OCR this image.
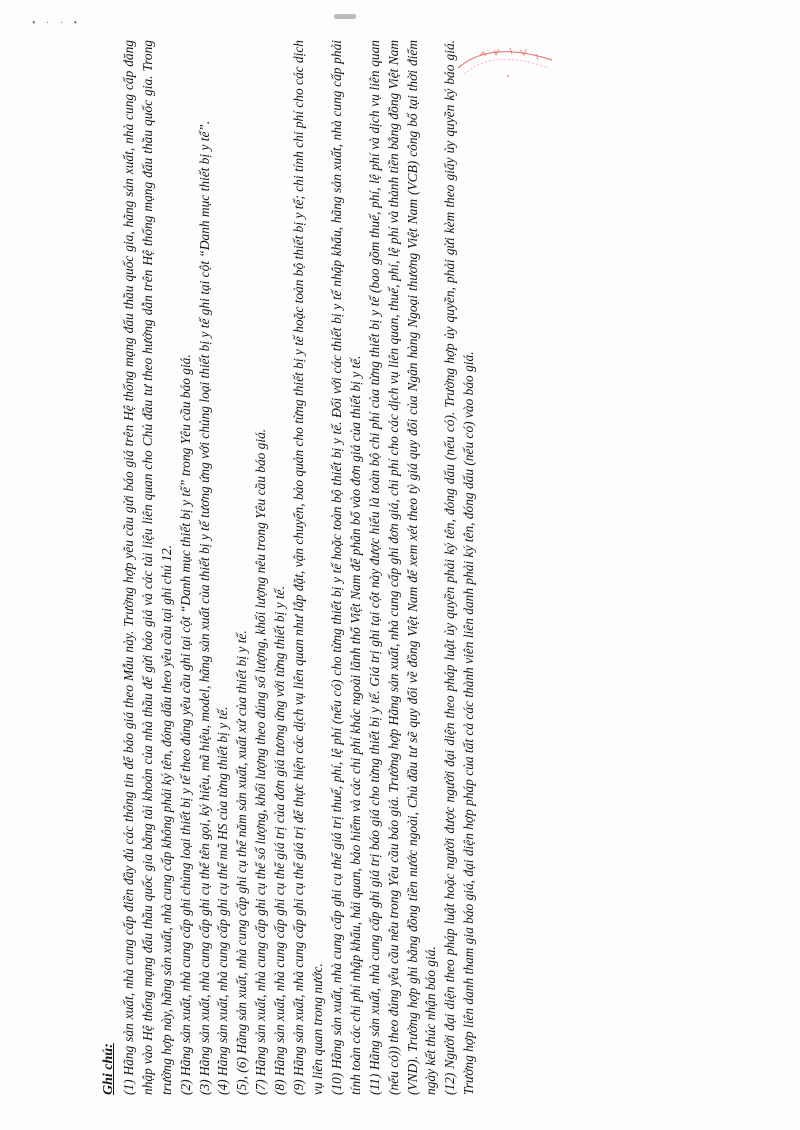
• · · •

Ghi chú: (1) Hãng sản xuất, nhà cung cấp điền đầy đủ các thông tin để báo giá theo Mẫu này. Trường hợp yêu cầu gửi báo giá trên Hệ thống mạng đấu thầu quốc gia, hãng sản xuất, nhà cung cấp đăng nhập vào Hệ thống mạng đấu thầu quốc gia bằng tài khoản của nhà thầu để gửi báo giá và các tài liệu liên quan cho Chủ đầu tư theo hướng dẫn trên Hệ thống mạng đấu thầu quốc gia. Trong trường hợp này, hãng sản xuất, nhà cung cấp không phải ký tên, đóng dấu theo yêu cầu tại ghi chú 12. (2) Hãng sản xuất, nhà cung cấp ghi chủng loại thiết bị y tế theo đúng yêu cầu ghi tại cột “Danh mục thiết bị y tế” trong Yêu cầu báo giá. (3) Hãng sản xuất, nhà cung cấp ghi cụ thể tên gọi, ký hiệu, mã hiệu, model, hãng sản xuất của thiết bị y tế tương ứng với chủng loại thiết bị y tế ghi tại cột “Danh mục thiết bị y tế”. (4) Hãng sản xuất, nhà cung cấp ghi cụ thể mã HS của từng thiết bị y tế. (5), (6) Hãng sản xuất, nhà cung cấp ghi cụ thể năm sản xuất, xuất xứ của thiết bị y tế. (7) Hãng sản xuất, nhà cung cấp ghi cụ thể số lượng, khối lượng theo đúng số lượng, khối lượng nêu trong Yêu cầu báo giá. (8) Hãng sản xuất, nhà cung cấp ghi cụ thể giá trị của đơn giá tương ứng với từng thiết bị y tế. (9) Hãng sản xuất, nhà cung cấp ghi cụ thể giá trị để thực hiện các dịch vụ liên quan như lắp đặt, vận chuyển, bảo quản cho từng thiết bị y tế hoặc toàn bộ thiết bị y tế; chi tính chi phí cho các dịch vụ liên quan trong nước. (10) Hãng sản xuất, nhà cung cấp ghi cụ thể giá trị thuế, phí, lệ phí (nếu có) cho từng thiết bị y tế hoặc toàn bộ thiết bị y tế. Đối với các thiết bị y tế nhập khẩu, hãng sản xuất, nhà cung cấp phải tính toàn các chi phí nhập khẩu, hải quan, bảo hiểm và các chi phí khác ngoài lãnh thổ Việt Nam để phân bổ vào đơn giá của thiết bị y tế. (11) Hãng sản xuất, nhà cung cấp ghi giá trị báo giá cho từng thiết bị y tế. Giá trị ghi tại cột này được hiểu là toàn bộ chi phí của từng thiết bị y tế (bao gồm thuế, phí, lệ phí và dịch vụ liên quan (nếu có)) theo đúng yêu cầu nêu trong Yêu cầu báo giá. Trường hợp Hãng sản xuất, nhà cung cấp ghi đơn giá, chi phí cho các dịch vụ liên quan, thuế, phí, lệ phí và thành tiền bằng đồng Việt Nam (VND). Trường hợp ghi bằng đồng tiền nước ngoài, Chủ đầu tư sẽ quy đổi về đồng Việt Nam để xem xét theo tỷ giá quy đổi của Ngân hàng Ngoại thương Việt Nam (VCB) công bố tại thời điểm ngày kết thúc nhận báo giá. (12) Người đại diện theo pháp luật hoặc người được người đại diện theo pháp luật ủy quyền phải ký tên, đóng dấu (nếu có). Trường hợp ủy quyền, phải gửi kèm theo giấy ủy quyền ký báo giá. Trường hợp liên danh tham gia báo giá, đại diện hợp pháp của tất cả các thành viên liên danh phải ký tên, đóng dấu (nếu có) vào báo giá.
